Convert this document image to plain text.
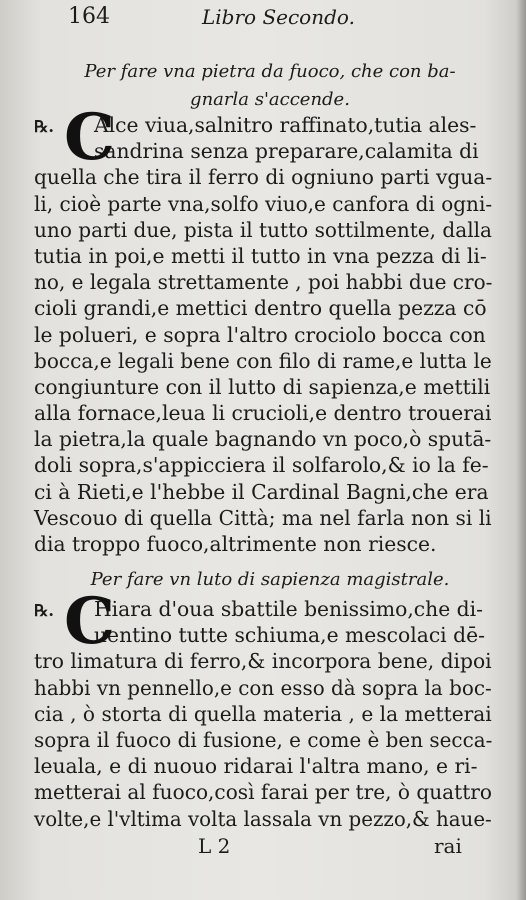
164	Libro Secondo.
Per fare vna pietra da fuoco, che con ba-
gnarla s'accende.
C
℞. Alce viua,salnitro raffinato,tutia ales-
sandrina senza preparare,calamita di
quella che tira il ferro di ogniuno parti vgua-
li, cioè parte vna,solfo viuo,e canfora di ogni-
uno parti due, pista il tutto sottilmente, dalla
tutia in poi,e metti il tutto in vna pezza di li-
no, e legala strettamente , poi habbi due cro-
cioli grandi,e mettici dentro quella pezza cō
le polueri, e sopra l'altro crociolo bocca con
bocca,e legali bene con filo di rame,e lutta le
congiunture con il lutto di sapienza,e mettili
alla fornace,leua li crucioli,e dentro trouerai
la pietra,la quale bagnando vn poco,ò sputā-
doli sopra,s'appicciera il solfarolo,& io la fe-
ci à Rieti,e l'hebbe il Cardinal Bagni,che era
Vescouo di quella Città; ma nel farla non si li
dia troppo fuoco,altrimente non riesce.
Per fare vn luto di sapienza magistrale.
C
℞. Hiara d'oua sbattile benissimo,che di-
uentino tutte schiuma,e mescolaci dē-
tro limatura di ferro,& incorpora bene, dipoi
habbi vn pennello,e con esso dà sopra la boc-
cia , ò storta di quella materia , e la metterai
sopra il fuoco di fusione, e come è ben secca-
leuala, e di nuouo ridarai l'altra mano, e ri-
metterai al fuoco,così farai per tre, ò quattro
volte,e l'vltima volta lassala vn pezzo,& haue-
L 2	rai
